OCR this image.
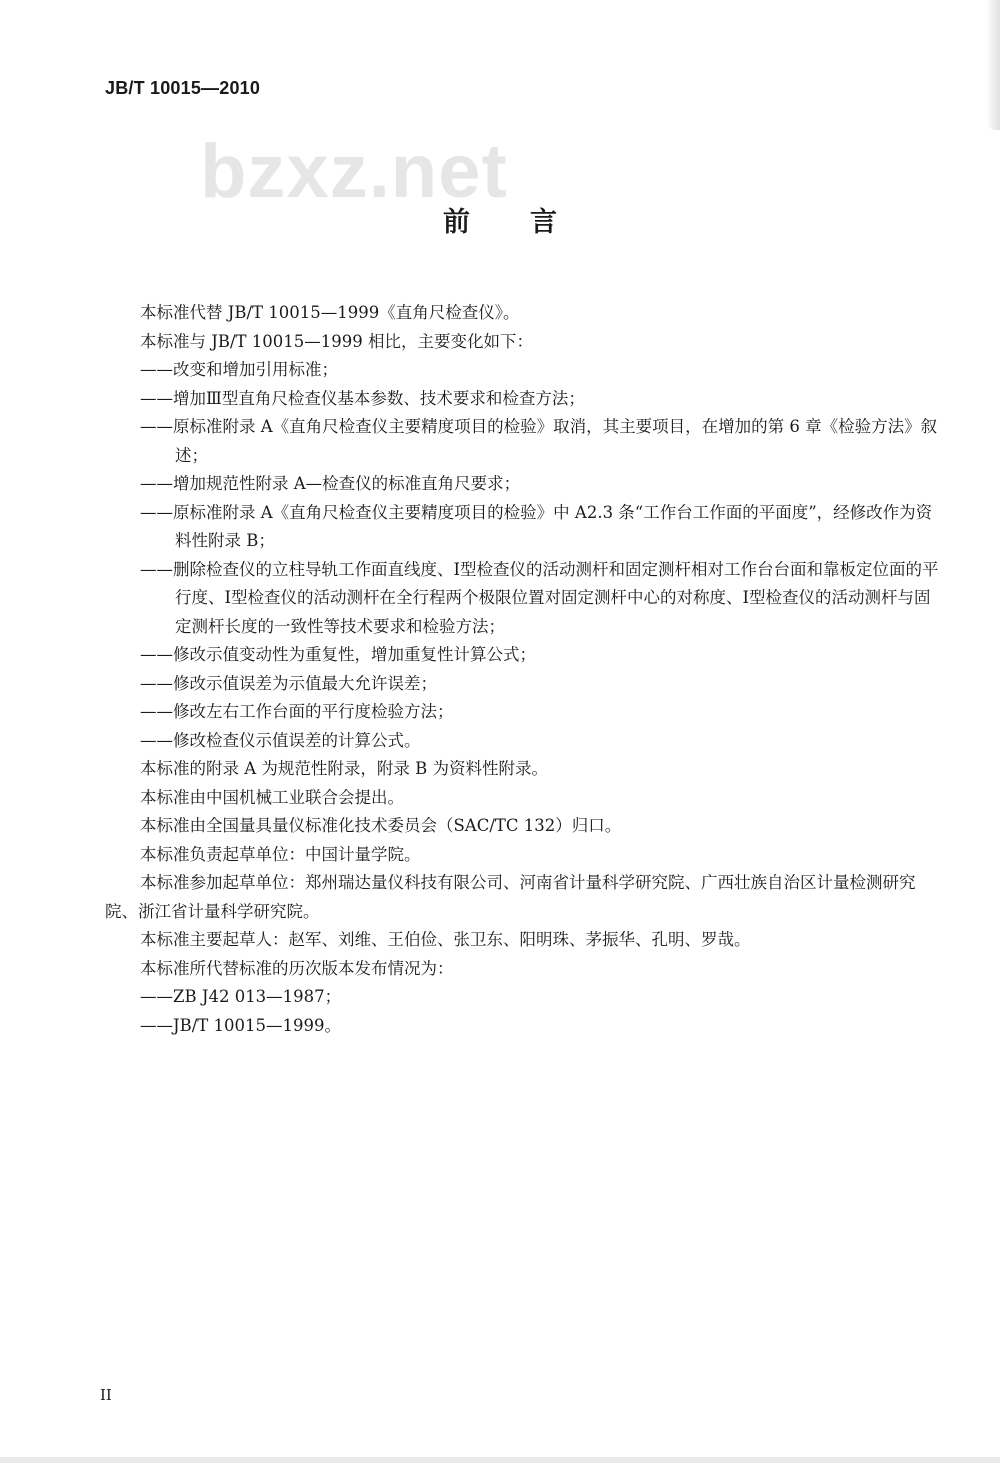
JB/T 10015—2010
bzxz.net
前言

本标准代替 JB/T 10015—1999《直角尺检查仪》。

本标准与 JB/T 10015—1999 相比，主要变化如下：

——改变和增加引用标准；

——增加Ⅲ型直角尺检查仪基本参数、技术要求和检查方法；

——原标准附录 A《直角尺检查仪主要精度项目的检验》取消，其主要项目，在增加的第 6 章《检验方法》叙述；

——增加规范性附录 A—检查仪的标准直角尺要求；

——原标准附录 A《直角尺检查仪主要精度项目的检验》中 A2.3 条“工作台工作面的平面度”，经修改作为资料性附录 B；

——删除检查仪的立柱导轨工作面直线度、Ⅰ型检查仪的活动测杆和固定测杆相对工作台台面和靠板定位面的平行度、Ⅰ型检查仪的活动测杆在全行程两个极限位置对固定测杆中心的对称度、Ⅰ型检查仪的活动测杆与固定测杆长度的一致性等技术要求和检验方法；

——修改示值变动性为重复性，增加重复性计算公式；

——修改示值误差为示值最大允许误差；

——修改左右工作台面的平行度检验方法；

——修改检查仪示值误差的计算公式。

本标准的附录 A 为规范性附录，附录 B 为资料性附录。

本标准由中国机械工业联合会提出。

本标准由全国量具量仪标准化技术委员会（SAC/TC 132）归口。

本标准负责起草单位：中国计量学院。

本标准参加起草单位：郑州瑞达量仪科技有限公司、河南省计量科学研究院、广西壮族自治区计量检测研究院、浙江省计量科学研究院。

本标准主要起草人：赵军、刘维、王伯俭、张卫东、阳明珠、茅振华、孔明、罗哉。

本标准所代替标准的历次版本发布情况为：

——ZB J42 013—1987；

——JB/T 10015—1999。

II
